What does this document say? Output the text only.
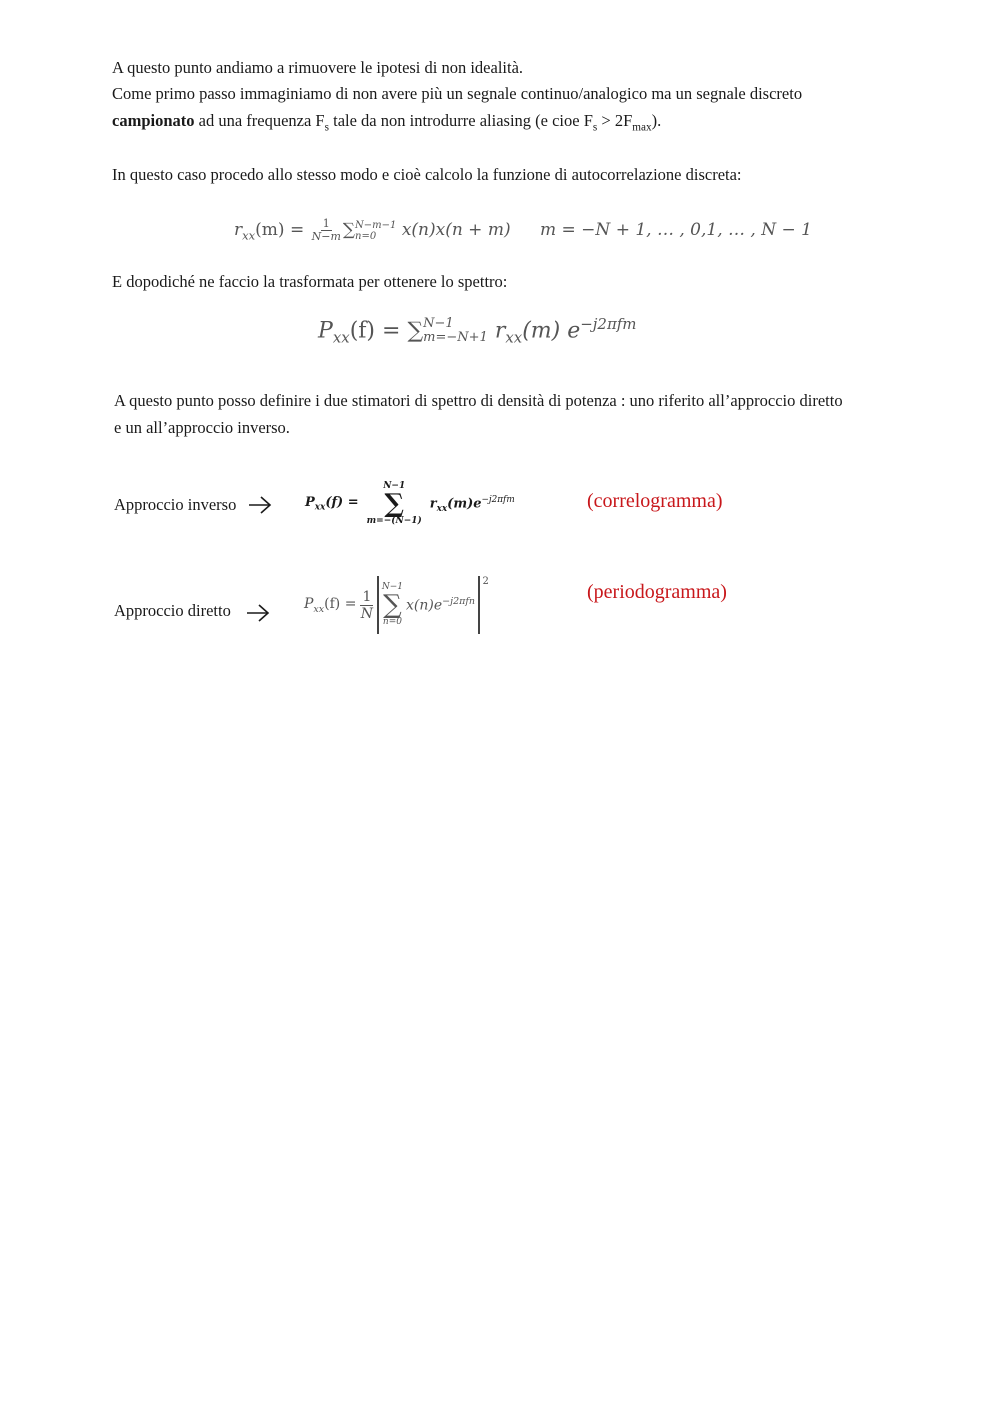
A questo punto andiamo a rimuovere le ipotesi di non idealità.
Come primo passo immaginiamo di non avere più un segnale continuo/analogico ma un segnale discreto
campionato ad una frequenza $F_s$ tale da non introdurre aliasing (e cioe $F_s > 2F_{max}$).
In questo caso procedo allo stesso modo e cioè calcolo la funzione di autocorrelazione discreta:
$r_{xx}(m) = \frac{1}{N-m}$ ∑ N−m−1
n=0	x(n)x(n + m) m = −N + 1, … , 0,1, … , N − 1
E dopodiché ne faccio la trasformata per ottenere lo spettro:
$P_{xx}(f)$ = ∑ N−1
m=−N+1 $r_{xx}(m)$ $e^{-j2\pi fm}$
A questo punto posso definire i due stimatori di spettro di densità di potenza : uno riferito all’approccio diretto
e un all’approccio inverso.
Approccio inverso	$P_{xx}(f)$ =
N−1
∑
m=−(N−1)
$r_{xx}(m)e^{-j2\pi fm}$	(correlogramma)
Approccio diretto	$P_{xx}(f) = \frac{1}{N}$
N−1
∑
n=0
$x(n)e^{-j2\pi fn}$
$^2$	(periodogramma)
